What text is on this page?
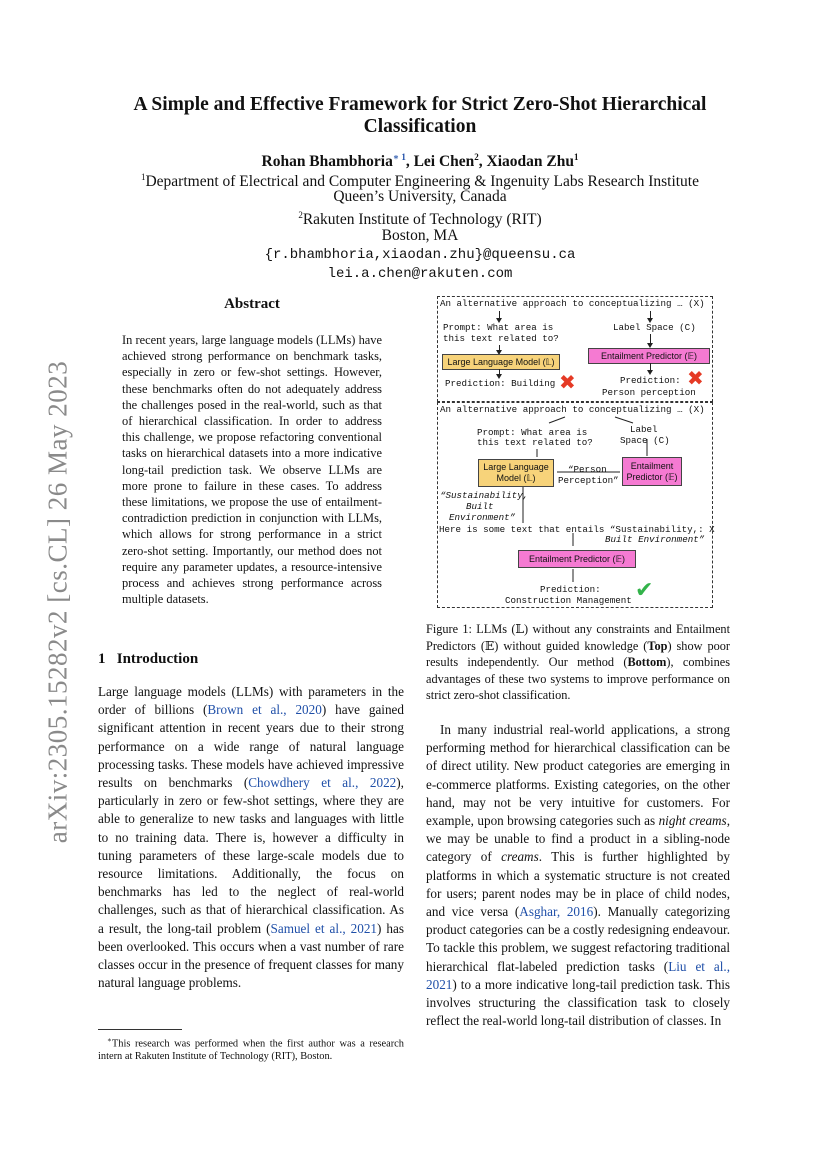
arXiv:2305.15282v2 [cs.CL] 26 May 2023
A Simple and Effective Framework for Strict Zero-Shot Hierarchical
Classification
Rohan Bhambhoria$^{∗ 1}$, Lei Chen$^2$, Xiaodan Zhu$^1$
$^1$Department of Electrical and Computer Engineering & Ingenuity Labs Research Institute
Queen’s University, Canada
$^2$Rakuten Institute of Technology (RIT)
Boston, MA
{r.bhambhoria,xiaodan.zhu}@queensu.ca
lei.a.chen@rakuten.com
Abstract
In recent years, large language models (LLMs) have achieved strong performance on benchmark tasks, especially in zero or few-shot settings. However, these benchmarks often do not adequately address the challenges posed in the real-world, such as that of hierarchical classification. In order to address this challenge, we propose refactoring conventional tasks on hierarchical datasets into a more indicative long-tail prediction task. We observe LLMs are more prone to failure in these cases. To address these limitations, we propose the use of entailment-contradiction prediction in conjunction with LLMs, which allows for strong performance in a strict zero-shot setting. Importantly, our method does not require any parameter updates, a resource-intensive process and achieves strong performance across multiple datasets.
1 Introduction
Large language models (LLMs) with parameters in the order of billions (Brown et al., 2020) have gained significant attention in recent years due to their strong performance on a wide range of natural language processing tasks. These models have achieved impressive results on benchmarks (Chowdhery et al., 2022), particularly in zero or few-shot settings, where they are able to generalize to new tasks and languages with little to no training data. There is, however a difficulty in tuning parameters of these large-scale models due to resource limitations. Additionally, the focus on benchmarks has led to the neglect of real-world challenges, such as that of hierarchical classification. As a result, the long-tail problem (Samuel et al., 2021) has been overlooked. This occurs when a vast number of rare classes occur in the presence of frequent classes for many natural language problems.
∗This research was performed when the first author was a research intern at Rakuten Institute of Technology (RIT), Boston.
An alternative approach to conceptualizing … (X)
Prompt: What area is
this text related to?
Label Space (C)
Large Language Model (𝕃)
Entailment Predictor (𝔼)
Prediction: Building ✖	Prediction:
Person perception
✖
An alternative approach to conceptualizing … (X)
Prompt: What area is
this text related to?
Label
Space (C)
Large Language
Model (𝕃)
“Person
Perception”
Entailment
Predictor (𝔼)
“Sustainability,
Built
Environment”
Here is some text that entails “Sustainability,: X
Built Environment”
Entailment Predictor (𝔼)
Prediction:
Construction Management ✔
Figure 1: LLMs (𝕃) without any constraints and Entailment Predictors (𝔼) without guided knowledge (Top) show poor results independently. Our method (Bottom), combines advantages of these two systems to improve performance on strict zero-shot classification.
In many industrial real-world applications, a strong performing method for hierarchical classification can be of direct utility. New product categories are emerging in e-commerce platforms. Existing categories, on the other hand, may not be very intuitive for customers. For example, upon browsing categories such as night creams, we may be unable to find a product in a sibling-node category of creams. This is further highlighted by platforms in which a systematic structure is not created for users; parent nodes may be in place of child nodes, and vice versa (Asghar, 2016). Manually categorizing product categories can be a costly redesigning endeavour. To tackle this problem, we suggest refactoring traditional hierarchical flat-labeled prediction tasks (Liu et al., 2021) to a more indicative long-tail prediction task. This involves structuring the classification task to closely reflect the real-world long-tail distribution of classes. In
